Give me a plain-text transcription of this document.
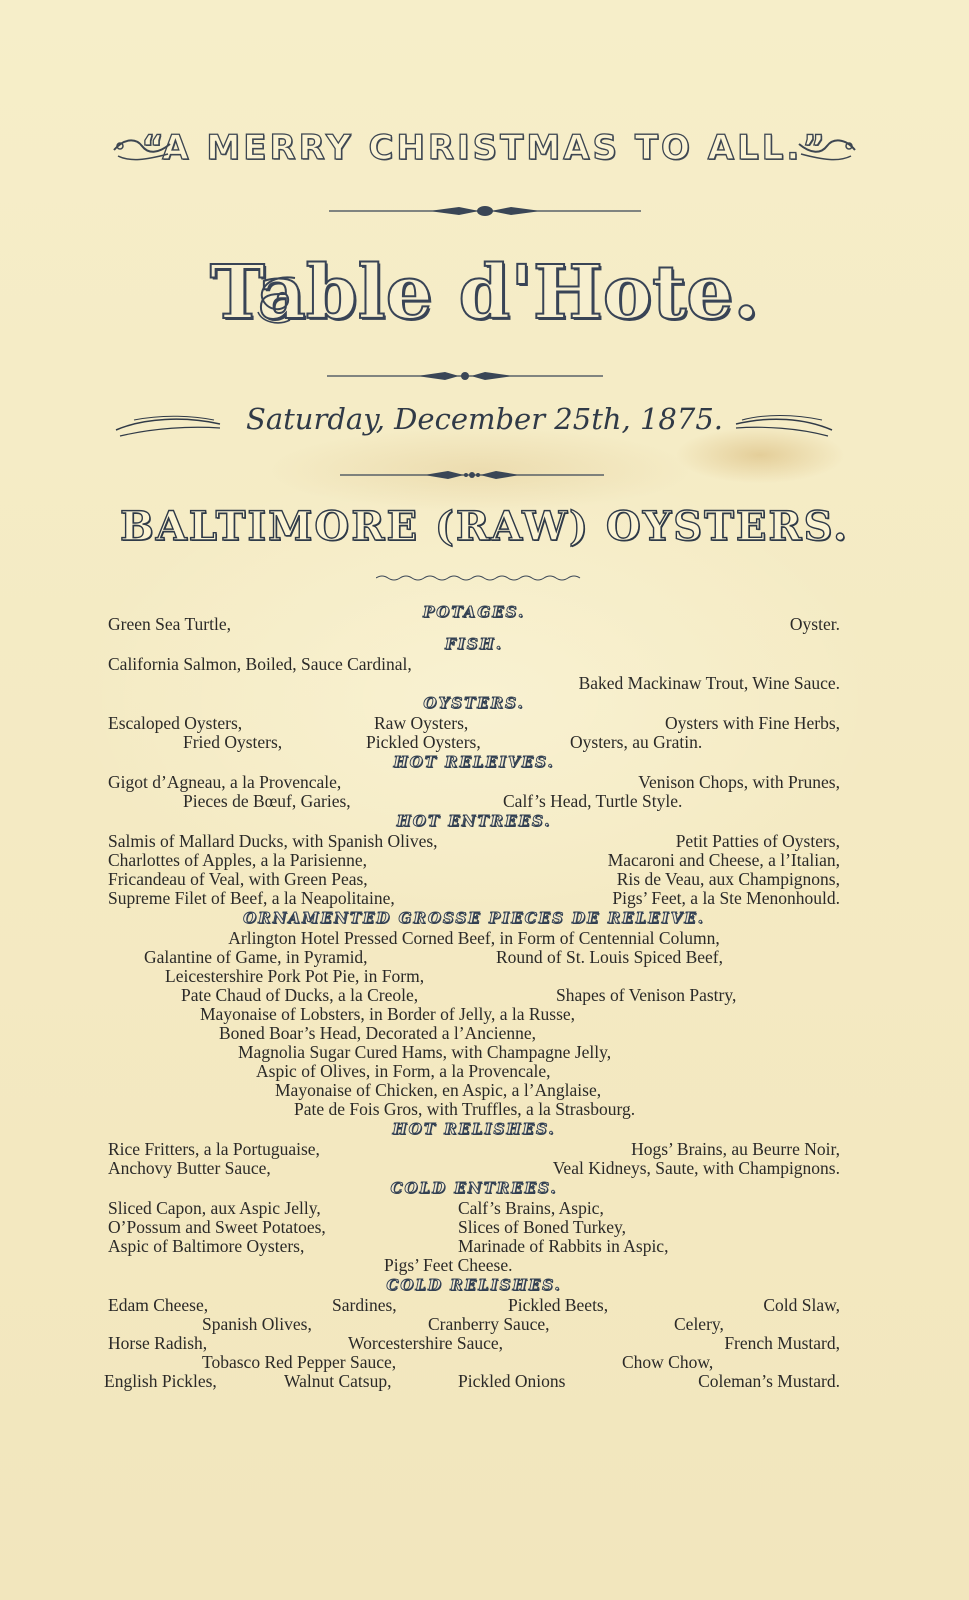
“A MERRY CHRISTMAS TO ALL.”
Table d'Hote.
Saturday, December 25th, 1875.
BALTIMORE (RAW) OYSTERS.
POTAGES.
Green Sea Turtle,	Oyster.
FISH.
California Salmon, Boiled, Sauce Cardinal,
Baked Mackinaw Trout, Wine Sauce.
OYSTERS.
Escaloped Oysters,	Raw Oysters,	Oysters with Fine Herbs,
Fried Oysters,	Pickled Oysters,	Oysters, au Gratin.
HOT RELEIVES.
Gigot d’Agneau, a la Provencale,	Venison Chops, with Prunes,
Pieces de Bœuf, Garies,	Calf’s Head, Turtle Style.
HOT ENTREES.
Salmis of Mallard Ducks, with Spanish Olives,	Petit Patties of Oysters,
Charlottes of Apples, a la Parisienne,	Macaroni and Cheese, a l’Italian,
Fricandeau of Veal, with Green Peas,	Ris de Veau, aux Champignons,
Supreme Filet of Beef, a la Neapolitaine,	Pigs’ Feet, a la Ste Menonhould.
ORNAMENTED GROSSE PIECES DE RELEIVE.
Arlington Hotel Pressed Corned Beef, in Form of Centennial Column,
Galantine of Game, in Pyramid,	Round of St. Louis Spiced Beef,
Leicestershire Pork Pot Pie, in Form,
Pate Chaud of Ducks, a la Creole,	Shapes of Venison Pastry,
Mayonaise of Lobsters, in Border of Jelly, a la Russe,
Boned Boar’s Head, Decorated a l’Ancienne,
Magnolia Sugar Cured Hams, with Champagne Jelly,
Aspic of Olives, in Form, a la Provencale,
Mayonaise of Chicken, en Aspic, a l’Anglaise,
Pate de Fois Gros, with Truffles, a la Strasbourg.
HOT RELISHES.
Rice Fritters, a la Portuguaise,	Hogs’ Brains, au Beurre Noir,
Anchovy Butter Sauce,	Veal Kidneys, Saute, with Champignons.
COLD ENTREES.
Sliced Capon, aux Aspic Jelly,	Calf’s Brains, Aspic,
O’Possum and Sweet Potatoes,	Slices of Boned Turkey,
Aspic of Baltimore Oysters,	Marinade of Rabbits in Aspic,
Pigs’ Feet Cheese.
COLD RELISHES.
Edam Cheese,	Sardines,	Pickled Beets,	Cold Slaw,
Spanish Olives,	Cranberry Sauce,	Celery,
Horse Radish,	Worcestershire Sauce,	French Mustard,
Tobasco Red Pepper Sauce,	Chow Chow,
English Pickles,	Walnut Catsup,	Pickled Onions	Coleman’s Mustard.
